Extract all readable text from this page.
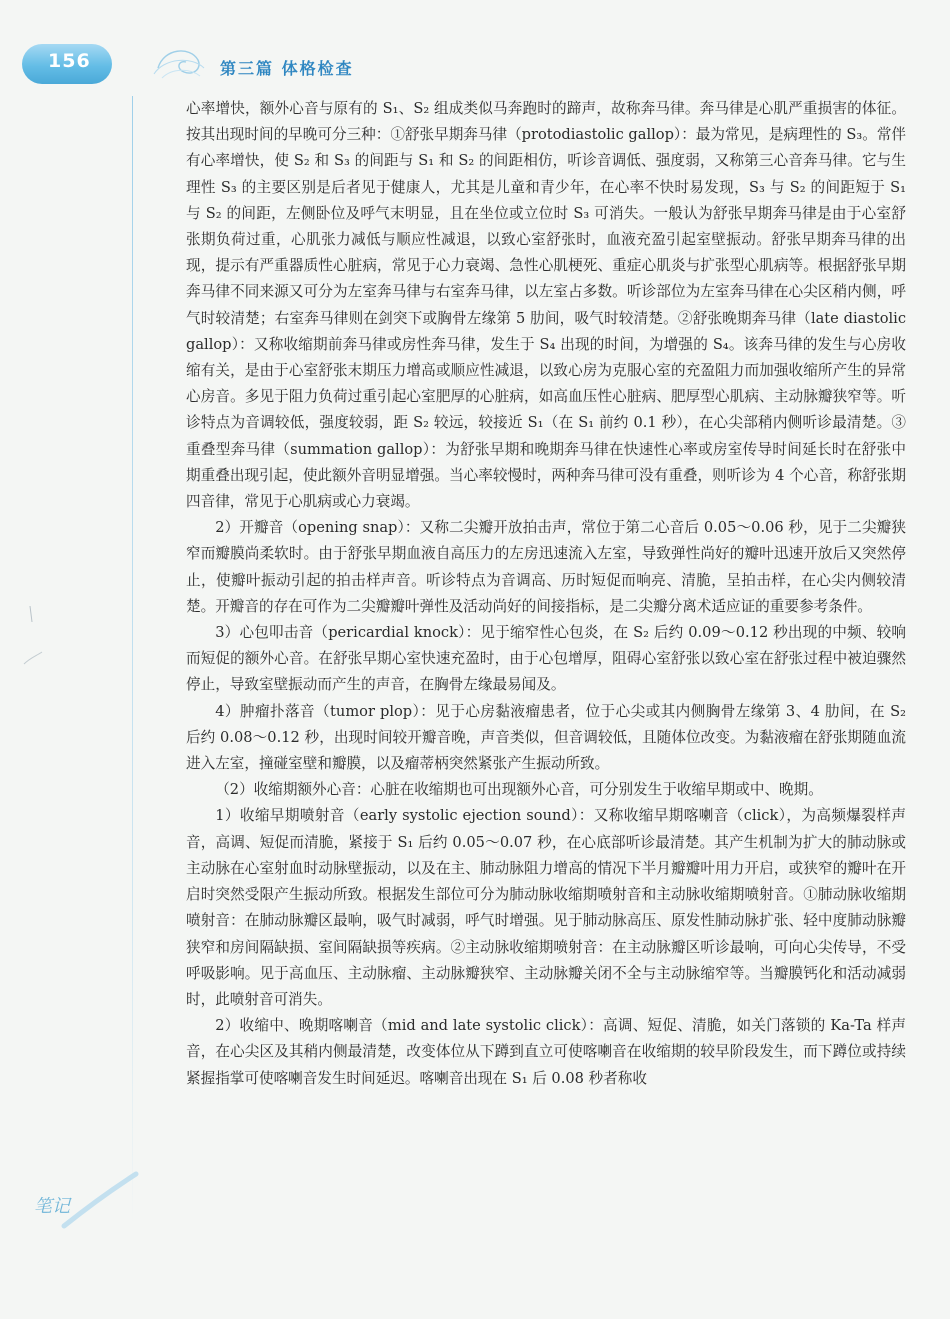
156	第三篇 体格检查

心率增快，额外心音与原有的 S₁、S₂ 组成类似马奔跑时的蹄声，故称奔马律。奔马律是心肌严重损害的体征。按其出现时间的早晚可分三种：①舒张早期奔马律（protodiastolic gallop）：最为常见，是病理性的 S₃。常伴有心率增快，使 S₂ 和 S₃ 的间距与 S₁ 和 S₂ 的间距相仿，听诊音调低、强度弱，又称第三心音奔马律。它与生理性 S₃ 的主要区别是后者见于健康人，尤其是儿童和青少年，在心率不快时易发现，S₃ 与 S₂ 的间距短于 S₁ 与 S₂ 的间距，左侧卧位及呼气末明显，且在坐位或立位时 S₃ 可消失。一般认为舒张早期奔马律是由于心室舒张期负荷过重，心肌张力减低与顺应性减退，以致心室舒张时，血液充盈引起室壁振动。舒张早期奔马律的出现，提示有严重器质性心脏病，常见于心力衰竭、急性心肌梗死、重症心肌炎与扩张型心肌病等。根据舒张早期奔马律不同来源又可分为左室奔马律与右室奔马律，以左室占多数。听诊部位为左室奔马律在心尖区稍内侧，呼气时较清楚；右室奔马律则在剑突下或胸骨左缘第 5 肋间，吸气时较清楚。②舒张晚期奔马律（late diastolic gallop）：又称收缩期前奔马律或房性奔马律，发生于 S₄ 出现的时间，为增强的 S₄。该奔马律的发生与心房收缩有关，是由于心室舒张末期压力增高或顺应性减退，以致心房为克服心室的充盈阻力而加强收缩所产生的异常心房音。多见于阻力负荷过重引起心室肥厚的心脏病，如高血压性心脏病、肥厚型心肌病、主动脉瓣狭窄等。听诊特点为音调较低，强度较弱，距 S₂ 较远，较接近 S₁（在 S₁ 前约 0.1 秒），在心尖部稍内侧听诊最清楚。③重叠型奔马律（summation gallop）：为舒张早期和晚期奔马律在快速性心率或房室传导时间延长时在舒张中期重叠出现引起，使此额外音明显增强。当心率较慢时，两种奔马律可没有重叠，则听诊为 4 个心音，称舒张期四音律，常见于心肌病或心力衰竭。

2）开瓣音（opening snap）：又称二尖瓣开放拍击声，常位于第二心音后 0.05～0.06 秒，见于二尖瓣狭窄而瓣膜尚柔软时。由于舒张早期血液自高压力的左房迅速流入左室，导致弹性尚好的瓣叶迅速开放后又突然停止，使瓣叶振动引起的拍击样声音。听诊特点为音调高、历时短促而响亮、清脆，呈拍击样，在心尖内侧较清楚。开瓣音的存在可作为二尖瓣瓣叶弹性及活动尚好的间接指标，是二尖瓣分离术适应证的重要参考条件。

3）心包叩击音（pericardial knock）：见于缩窄性心包炎，在 S₂ 后约 0.09～0.12 秒出现的中频、较响而短促的额外心音。在舒张早期心室快速充盈时，由于心包增厚，阻碍心室舒张以致心室在舒张过程中被迫骤然停止，导致室壁振动而产生的声音，在胸骨左缘最易闻及。

4）肿瘤扑落音（tumor plop）：见于心房黏液瘤患者，位于心尖或其内侧胸骨左缘第 3、4 肋间，在 S₂ 后约 0.08～0.12 秒，出现时间较开瓣音晚，声音类似，但音调较低，且随体位改变。为黏液瘤在舒张期随血流进入左室，撞碰室壁和瓣膜，以及瘤蒂柄突然紧张产生振动所致。

（2）收缩期额外心音：心脏在收缩期也可出现额外心音，可分别发生于收缩早期或中、晚期。

1）收缩早期喷射音（early systolic ejection sound）：又称收缩早期喀喇音（click），为高频爆裂样声音，高调、短促而清脆，紧接于 S₁ 后约 0.05～0.07 秒，在心底部听诊最清楚。其产生机制为扩大的肺动脉或主动脉在心室射血时动脉壁振动，以及在主、肺动脉阻力增高的情况下半月瓣瓣叶用力开启，或狭窄的瓣叶在开启时突然受限产生振动所致。根据发生部位可分为肺动脉收缩期喷射音和主动脉收缩期喷射音。①肺动脉收缩期喷射音：在肺动脉瓣区最响，吸气时减弱，呼气时增强。见于肺动脉高压、原发性肺动脉扩张、轻中度肺动脉瓣狭窄和房间隔缺损、室间隔缺损等疾病。②主动脉收缩期喷射音：在主动脉瓣区听诊最响，可向心尖传导，不受呼吸影响。见于高血压、主动脉瘤、主动脉瓣狭窄、主动脉瓣关闭不全与主动脉缩窄等。当瓣膜钙化和活动减弱时，此喷射音可消失。

2）收缩中、晚期喀喇音（mid and late systolic click）：高调、短促、清脆，如关门落锁的 Ka-Ta 样声音，在心尖区及其稍内侧最清楚，改变体位从下蹲到直立可使喀喇音在收缩期的较早阶段发生，而下蹲位或持续紧握指掌可使喀喇音发生时间延迟。喀喇音出现在 S₁ 后 0.08 秒者称收

笔记
